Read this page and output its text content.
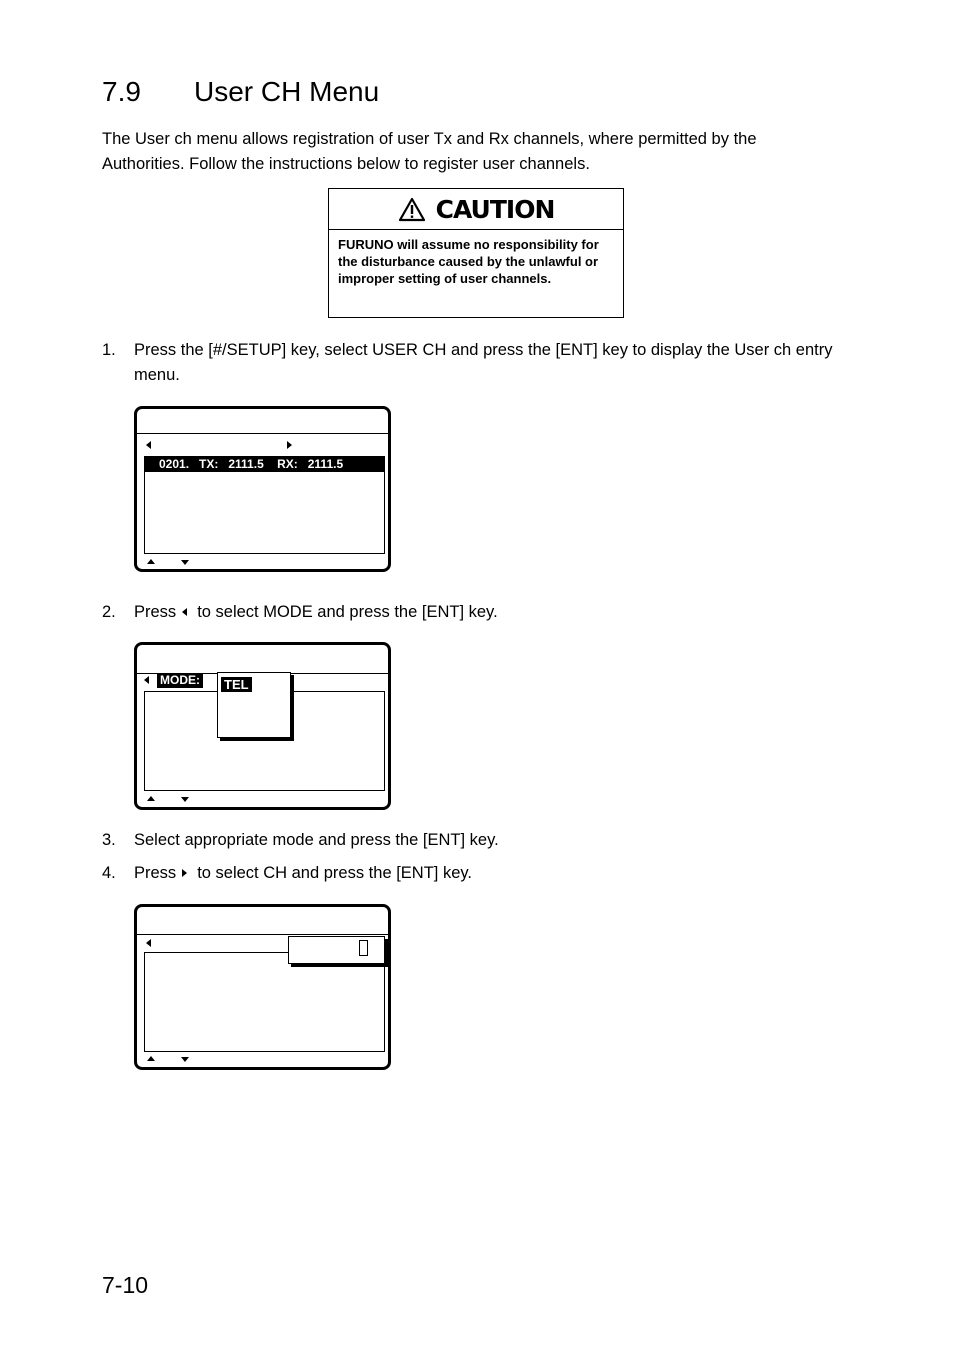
7.9 User CH Menu
The User ch menu allows registration of user Tx and Rx channels, where permitted by the Authorities. Follow the instructions below to register user channels.
CAUTION
FURUNO will assume no responsibility for the disturbance caused by the unlawful or improper setting of user channels.
1.	Press the [#/SETUP] key, select USER CH and press the [ENT] key to display the User ch entry menu.
0201.   TX:   2111.5    RX:   2111.5
2.	Press to select MODE and press the [ENT] key.
MODE: TEL
3.	Select appropriate mode and press the [ENT] key.
4.	Press to select CH and press the [ENT] key.
7-10
